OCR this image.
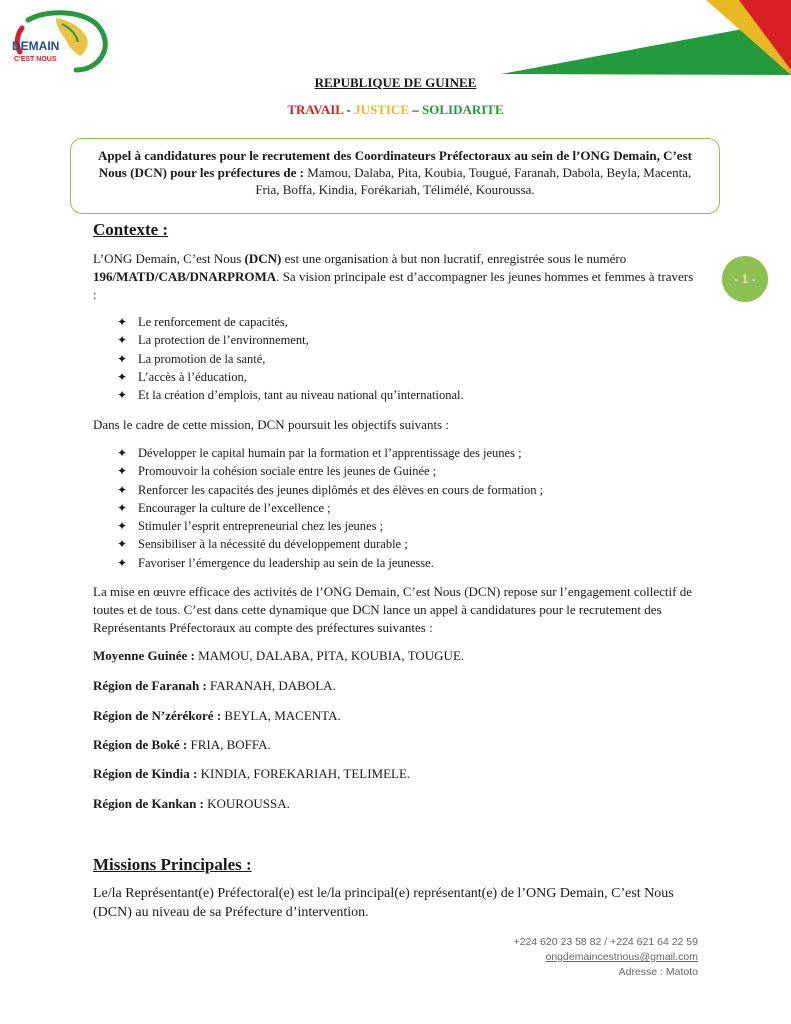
DEMAIN
C'EST NOUS
REPUBLIQUE DE GUINEE
TRAVAIL - JUSTICE – SOLIDARITE
Appel à candidatures pour le recrutement des Coordinateurs Préfectoraux au sein de l’ONG Demain, C’est Nous (DCN) pour les préfectures de : Mamou, Dalaba, Pita, Koubia, Tougué, Faranah, Dabola, Beyla, Macenta, Fria, Boffa, Kindia, Forékariah, Télimélé, Kouroussa.
- 1 -
Contexte :
L’ONG Demain, C’est Nous (DCN) est une organisation à but non lucratif, enregistrée sous le numéro 196/MATD/CAB/DNARPROMA. Sa vision principale est d’accompagner les jeunes hommes et femmes à travers :
✦ Le renforcement de capacités,
✦ La protection de l’environnement,
✦ La promotion de la santé,
✦ L’accès à l’éducation,
✦ Et la création d’emplois, tant au niveau national qu’international.
Dans le cadre de cette mission, DCN poursuit les objectifs suivants :
✦ Développer le capital humain par la formation et l’apprentissage des jeunes ;
✦ Promouvoir la cohésion sociale entre les jeunes de Guinée ;
✦ Renforcer les capacités des jeunes diplômés et des élèves en cours de formation ;
✦ Encourager la culture de l’excellence ;
✦ Stimuler l’esprit entrepreneurial chez les jeunes ;
✦ Sensibiliser à la nécessité du développement durable ;
✦ Favoriser l’émergence du leadership au sein de la jeunesse.
La mise en œuvre efficace des activités de l’ONG Demain, C’est Nous (DCN) repose sur l’engagement collectif de toutes et de tous. C’est dans cette dynamique que DCN lance un appel à candidatures pour le recrutement des Représentants Préfectoraux au compte des préfectures suivantes :
Moyenne Guinée : MAMOU, DALABA, PITA, KOUBIA, TOUGUE.
Région de Faranah : FARANAH, DABOLA.
Région de N’zérékoré : BEYLA, MACENTA.
Région de Boké : FRIA, BOFFA.
Région de Kindia : KINDIA, FOREKARIAH, TELIMELE.
Région de Kankan : KOUROUSSA.
Missions Principales :
Le/la Représentant(e) Préfectoral(e) est le/la principal(e) représentant(e) de l’ONG Demain, C’est Nous (DCN) au niveau de sa Préfecture d’intervention.
+224 620 23 58 82 / +224 621 64 22 59
ongdemaincestnous@gmail.com
Adresse : Matoto
